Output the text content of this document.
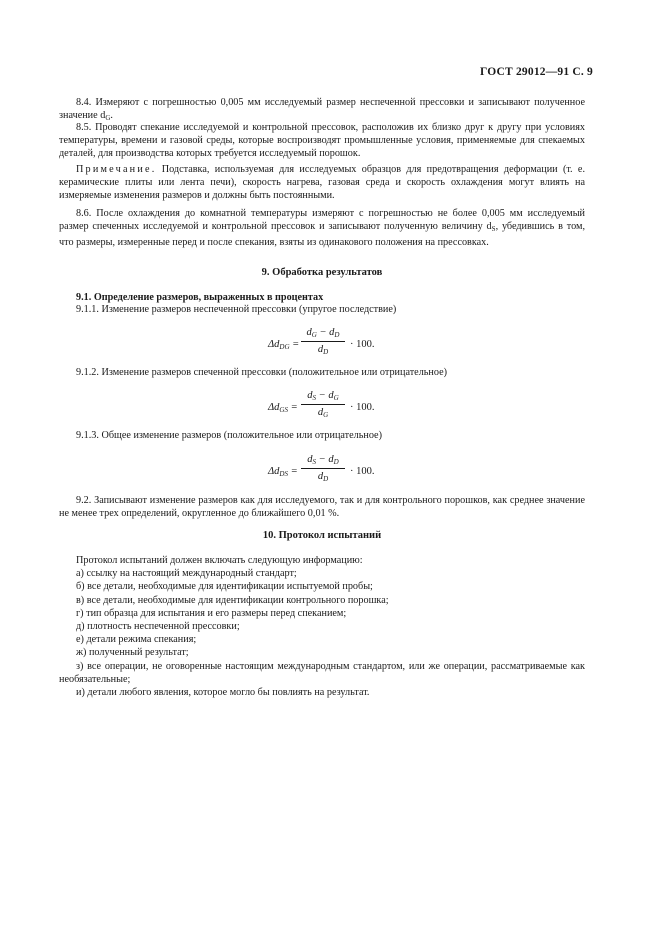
ГОСТ 29012—91 С. 9

8.4. Измеряют с погрешностью 0,005 мм исследуемый размер неспеченной прессовки и записывают полученное значение $d_G$.

8.5. Проводят спекание исследуемой и контрольной прессовок, расположив их близко друг к другу при условиях температуры, времени и газовой среды, которые воспроизводят промышленные условия, применяемые для спекаемых деталей, для производства которых требуется исследуемый порошок.

Примечание. Подставка, используемая для исследуемых образцов для предотвращения деформации (т. е. керамические плиты или лента печи), скорость нагрева, газовая среда и скорость охлаждения могут влиять на измеряемые изменения размеров и должны быть постоянными.

8.6. После охлаждения до комнатной температуры измеряют с погрешностью не более 0,005 мм исследуемый размер спеченных исследуемой и контрольной прессовок и записывают полученную величину $d_S$, убедившись в том, что размеры, измеренные перед и после спекания, взяты из одинакового положения на прессовках.

9. Обработка результатов
9.1. Определение размеров, выраженных в процентах
9.1.1. Изменение размеров неспеченной прессовки (упругое последствие)
$\Delta d_{DG}$ =
$d_G - d_D$
$d_D$
· 100.
9.1.2. Изменение размеров спеченной прессовки (положительное или отрицательное)
$\Delta d_{GS}$ =
$d_S - d_G$
$d_G$
· 100.
9.1.3. Общее изменение размеров (положительное или отрицательное)
$\Delta d_{DS}$ =
$d_S - d_D$
$d_D$
· 100.

9.2. Записывают изменение размеров как для исследуемого, так и для контрольного порошков, как среднее значение не менее трех определений, округленное до ближайшего 0,01 %.

10. Протокол испытаний

Протокол испытаний должен включать следующую информацию:

а) ссылку на настоящий международный стандарт;

б) все детали, необходимые для идентификации испытуемой пробы;

в) все детали, необходимые для идентификации контрольного порошка;

г) тип образца для испытания и его размеры перед спеканием;

д) плотность неспеченной прессовки;

е) детали режима спекания;

ж) полученный результат;

з) все операции, не оговоренные настоящим международным стандартом, или же операции, рассматриваемые как необязательные;

и) детали любого явления, которое могло бы повлиять на результат.
